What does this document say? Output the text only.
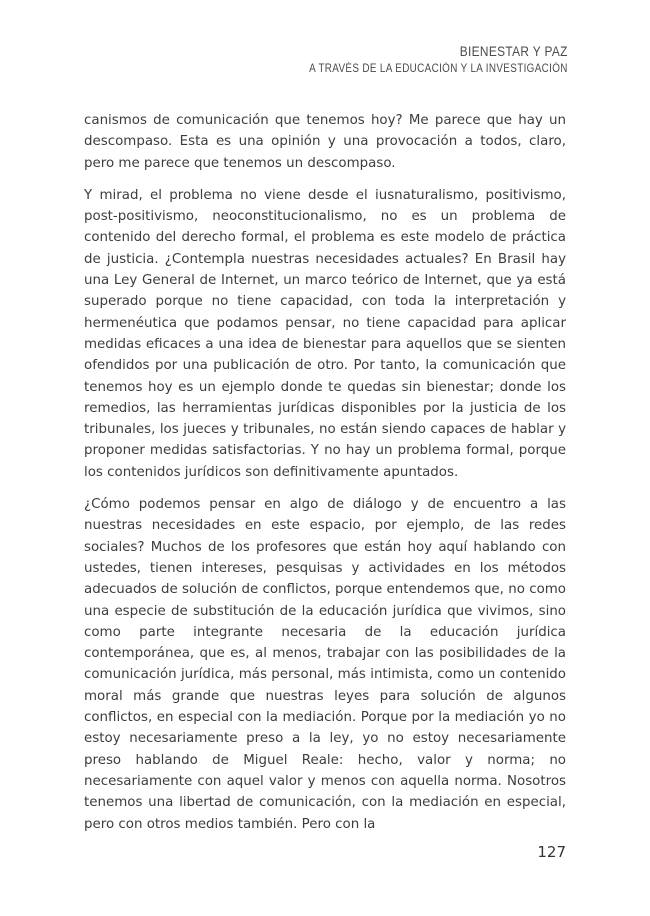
BIENESTAR Y PAZ
A TRAVÉS DE LA EDUCACIÓN Y LA INVESTIGACIÓN

canismos de comunicación que tenemos hoy? Me parece que hay un descompaso. Esta es una opinión y una provocación a todos, claro, pero me parece que tenemos un descompaso.

Y mirad, el problema no viene desde el iusnaturalismo, positivismo, post-positivismo, neoconstitucionalismo, no es un problema de contenido del derecho formal, el problema es este modelo de práctica de justicia. ¿Contempla nuestras necesidades actuales? En Brasil hay una Ley General de Internet, un marco teórico de Internet, que ya está superado porque no tiene capacidad, con toda la interpretación y hermenéutica que podamos pensar, no tiene capacidad para aplicar medidas eficaces a una idea de bienestar para aquellos que se sienten ofendidos por una publicación de otro. Por tanto, la comunicación que tenemos hoy es un ejemplo donde te quedas sin bienestar; donde los remedios, las herramientas jurídicas disponibles por la justicia de los tribunales, los jueces y tribunales, no están siendo capaces de hablar y proponer medidas satisfactorias. Y no hay un problema formal, porque los contenidos jurídicos son definitivamente apuntados.

¿Cómo podemos pensar en algo de diálogo y de encuentro a las nuestras necesidades en este espacio, por ejemplo, de las redes sociales? Muchos de los profesores que están hoy aquí hablando con ustedes, tienen intereses, pesquisas y actividades en los métodos adecuados de solución de conflictos, porque entendemos que, no como una especie de substitución de la educación jurídica que vivimos, sino como parte integrante necesaria de la educación jurídica contemporánea, que es, al menos, trabajar con las posibilidades de la comunicación jurídica, más personal, más intimista, como un contenido moral más grande que nuestras leyes para solución de algunos conflictos, en especial con la mediación. Porque por la mediación yo no estoy necesariamente preso a la ley, yo no estoy necesariamente preso hablando de Miguel Reale: hecho, valor y norma; no necesariamente con aquel valor y menos con aquella norma. Nosotros tenemos una libertad de comunicación, con la mediación en especial, pero con otros medios también. Pero con la

127
